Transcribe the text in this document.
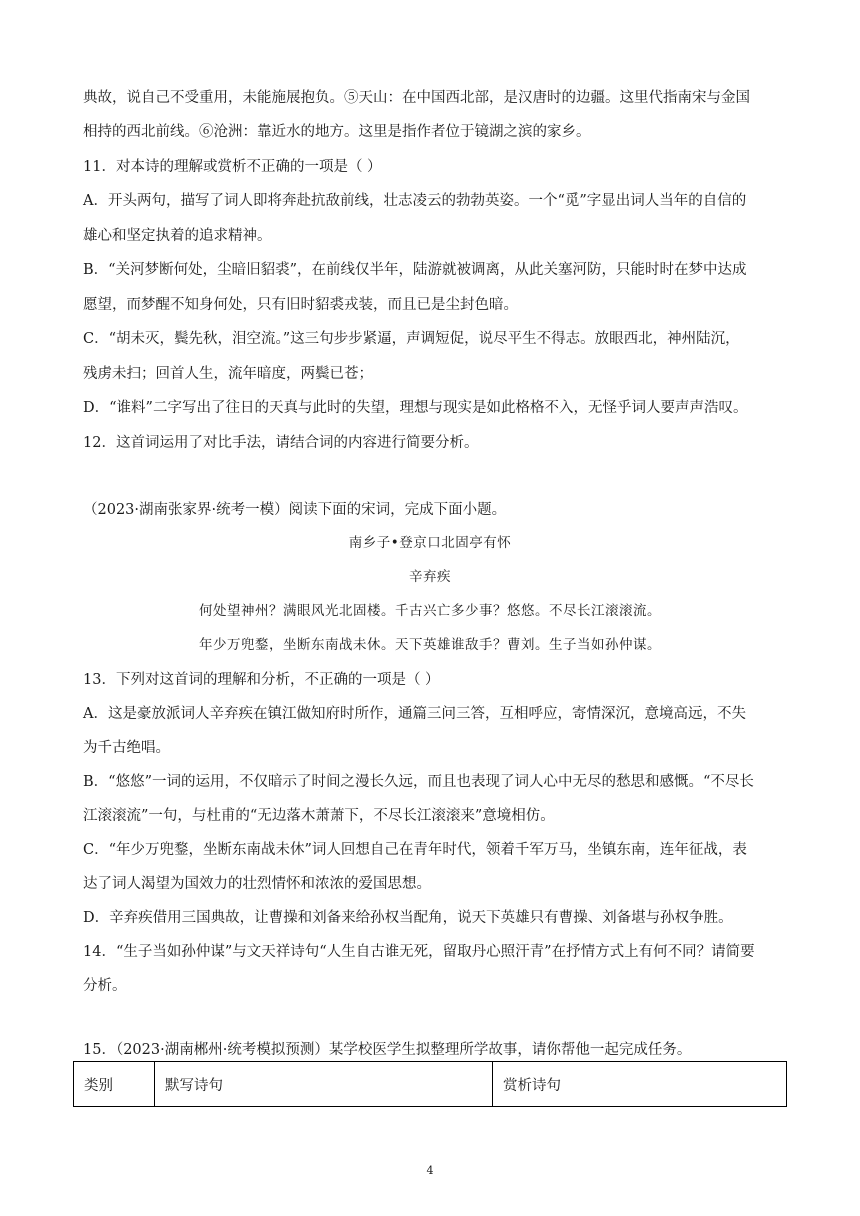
典故，说自己不受重用，未能施展抱负。⑤天山：在中国西北部，是汉唐时的边疆。这里代指南宋与金国
相持的西北前线。⑥沧洲：靠近水的地方。这里是指作者位于镜湖之滨的家乡。
11．对本诗的理解或赏析不正确的一项是（ ）
A．开头两句，描写了词人即将奔赴抗敌前线，壮志凌云的勃勃英姿。一个“觅”字显出词人当年的自信的
雄心和坚定执着的追求精神。
B．“关河梦断何处，尘暗旧貂裘”，在前线仅半年，陆游就被调离，从此关塞河防，只能时时在梦中达成
愿望，而梦醒不知身何处，只有旧时貂裘戎装，而且已是尘封色暗。
C．“胡未灭，鬓先秋，泪空流。”这三句步步紧逼，声调短促，说尽平生不得志。放眼西北，神州陆沉，
残虏未扫；回首人生，流年暗度，两鬓已苍；
D．“谁料”二字写出了往日的天真与此时的失望，理想与现实是如此格格不入，无怪乎词人要声声浩叹。
12．这首词运用了对比手法，请结合词的内容进行简要分析。
（2023·湖南张家界·统考一模）阅读下面的宋词，完成下面小题。
南乡子•登京口北固亭有怀
辛弃疾
何处望神州？满眼风光北固楼。千古兴亡多少事？悠悠。不尽长江滚滚流。
年少万兜鍪，坐断东南战未休。天下英雄谁敌手？曹刘。生子当如孙仲谋。
13．下列对这首词的理解和分析，不正确的一项是（ ）
A．这是豪放派词人辛弃疾在镇江做知府时所作，通篇三问三答，互相呼应，寄情深沉，意境高远，不失
为千古绝唱。
B．“悠悠”一词的运用，不仅暗示了时间之漫长久远，而且也表现了词人心中无尽的愁思和感慨。“不尽长
江滚滚流”一句，与杜甫的“无边落木萧萧下，不尽长江滚滚来”意境相仿。
C．“年少万兜鍪，坐断东南战未休”词人回想自己在青年时代，领着千军万马，坐镇东南，连年征战，表
达了词人渴望为国效力的壮烈情怀和浓浓的爱国思想。
D．辛弃疾借用三国典故，让曹操和刘备来给孙权当配角，说天下英雄只有曹操、刘备堪与孙权争胜。
14．“生子当如孙仲谋”与文天祥诗句“人生自古谁无死，留取丹心照汗青”在抒情方式上有何不同？请简要
分析。
15．（2023·湖南郴州·统考模拟预测）某学校医学生拟整理所学故事，请你帮他一起完成任务。
类别	默写诗句	赏析诗句
4
